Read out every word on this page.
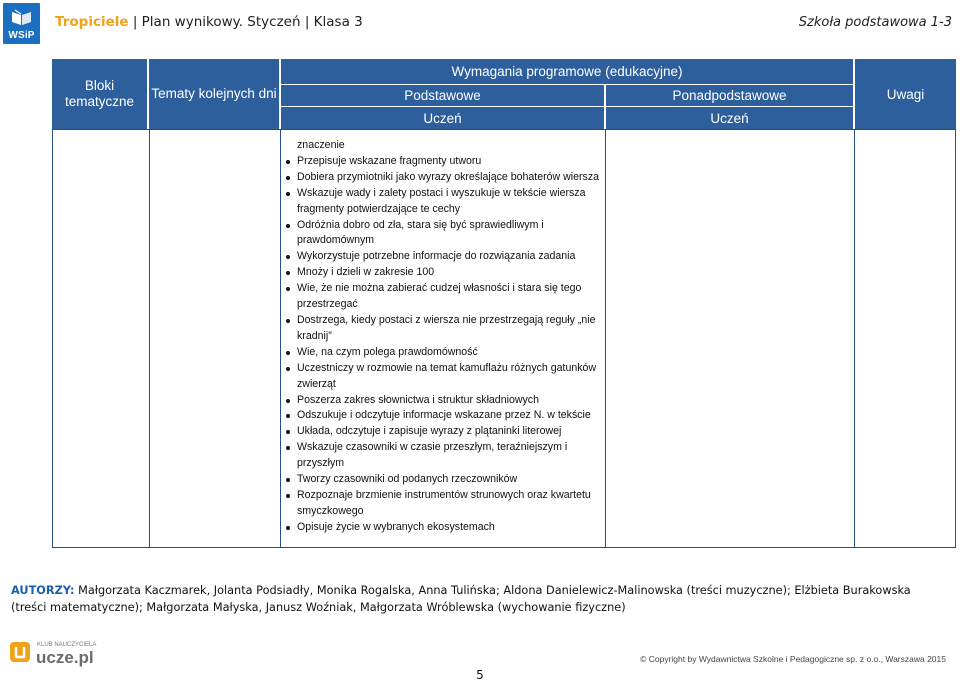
WSiP
Tropiciele | Plan wynikowy. Styczeń | Klasa 3	Szkoła podstawowa 1-3
Bloki tematyczne
Tematy kolejnych dni
Wymagania programowe (edukacyjne)
Podstawowe	Ponadpodstawowe
Uczeń	Uczeń
Uwagi
znaczenie
Przepisuje wskazane fragmenty utworu
Dobiera przymiotniki jako wyrazy określające bohaterów wiersza
Wskazuje wady i zalety postaci i wyszukuje w tekście wiersza fragmenty potwierdzające te cechy
Odróżnia dobro od zła, stara się być sprawiedliwym i prawdomównym
Wykorzystuje potrzebne informacje do rozwiązania zadania
Mnoży i dzieli w zakresie 100
Wie, że nie można zabierać cudzej własności i stara się tego przestrzegać
Dostrzega, kiedy postaci z wiersza nie przestrzegają reguły „nie kradnij”
Wie, na czym polega prawdomówność
Uczestniczy w rozmowie na temat kamuflażu różnych gatunków zwierząt
Poszerza zakres słownictwa i struktur składniowych
Odszukuje i odczytuje informacje wskazane przez N. w tekście
Układa, odczytuje i zapisuje wyrazy z plątaninki literowej
Wskazuje czasowniki w czasie przeszłym, teraźniejszym i przyszłym
Tworzy czasowniki od podanych rzeczowników
Rozpoznaje brzmienie instrumentów strunowych oraz kwartetu smyczkowego
Opisuje życie w wybranych ekosystemach
AUTORZY: Małgorzata Kaczmarek, Jolanta Podsiadły, Monika Rogalska, Anna Tulińska; Aldona Danielewicz-Malinowska (treści muzyczne); Elżbieta Burakowska (treści matematyczne); Małgorzata Małyska, Janusz Woźniak, Małgorzata Wróblewska (wychowanie fizyczne)
KLUB NAUCZYCIELA
ucze.pl	© Copyright by Wydawnictwa Szkolne i Pedagogiczne sp. z o.o., Warszawa 2015
5
